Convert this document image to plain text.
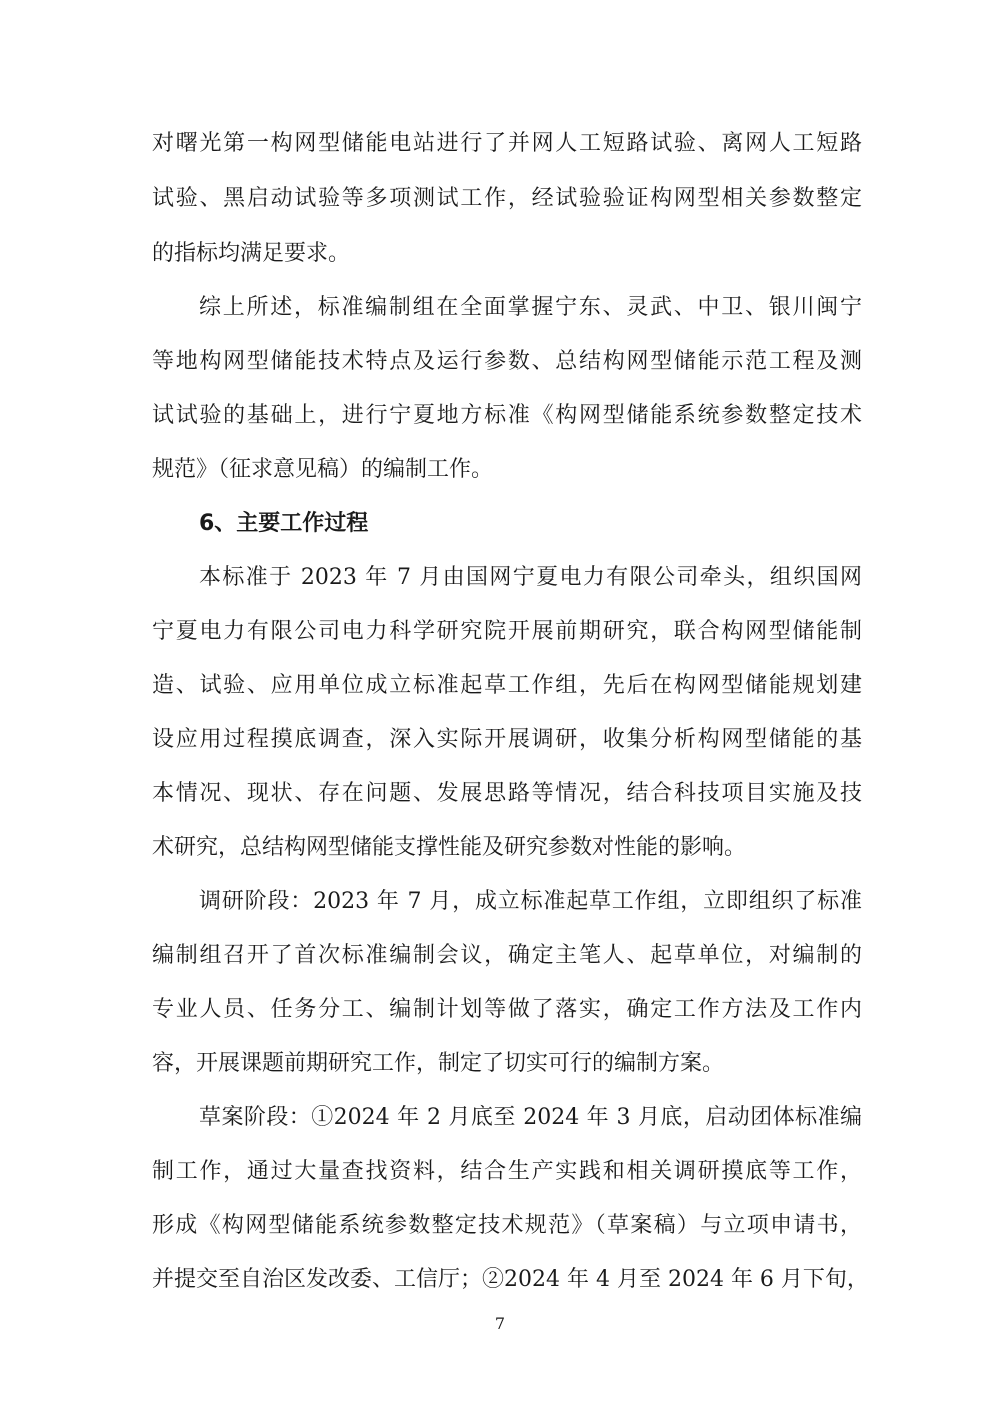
对曙光第一构网型储能电站进行了并网人工短路试验、离网人工短路
试验、黑启动试验等多项测试工作，经试验验证构网型相关参数整定
的指标均满足要求。
综上所述，标准编制组在全面掌握宁东、灵武、中卫、银川闽宁
等地构网型储能技术特点及运行参数、总结构网型储能示范工程及测
试试验的基础上，进行宁夏地方标准《构网型储能系统参数整定技术
规范》（征求意见稿）的编制工作。
6、主要工作过程
本标准于 2023 年 7 月由国网宁夏电力有限公司牵头，组织国网
宁夏电力有限公司电力科学研究院开展前期研究，联合构网型储能制
造、试验、应用单位成立标准起草工作组，先后在构网型储能规划建
设应用过程摸底调查，深入实际开展调研，收集分析构网型储能的基
本情况、现状、存在问题、发展思路等情况，结合科技项目实施及技
术研究，总结构网型储能支撑性能及研究参数对性能的影响。
调研阶段：2023 年 7 月，成立标准起草工作组，立即组织了标准
编制组召开了首次标准编制会议，确定主笔人、起草单位，对编制的
专业人员、任务分工、编制计划等做了落实，确定工作方法及工作内
容，开展课题前期研究工作，制定了切实可行的编制方案。
草案阶段：①2024 年 2 月底至 2024 年 3 月底，启动团体标准编
制工作，通过大量查找资料，结合生产实践和相关调研摸底等工作，
形成《构网型储能系统参数整定技术规范》（草案稿）与立项申请书，
并提交至自治区发改委、工信厅；②2024 年 4 月至 2024 年 6 月下旬，
7
